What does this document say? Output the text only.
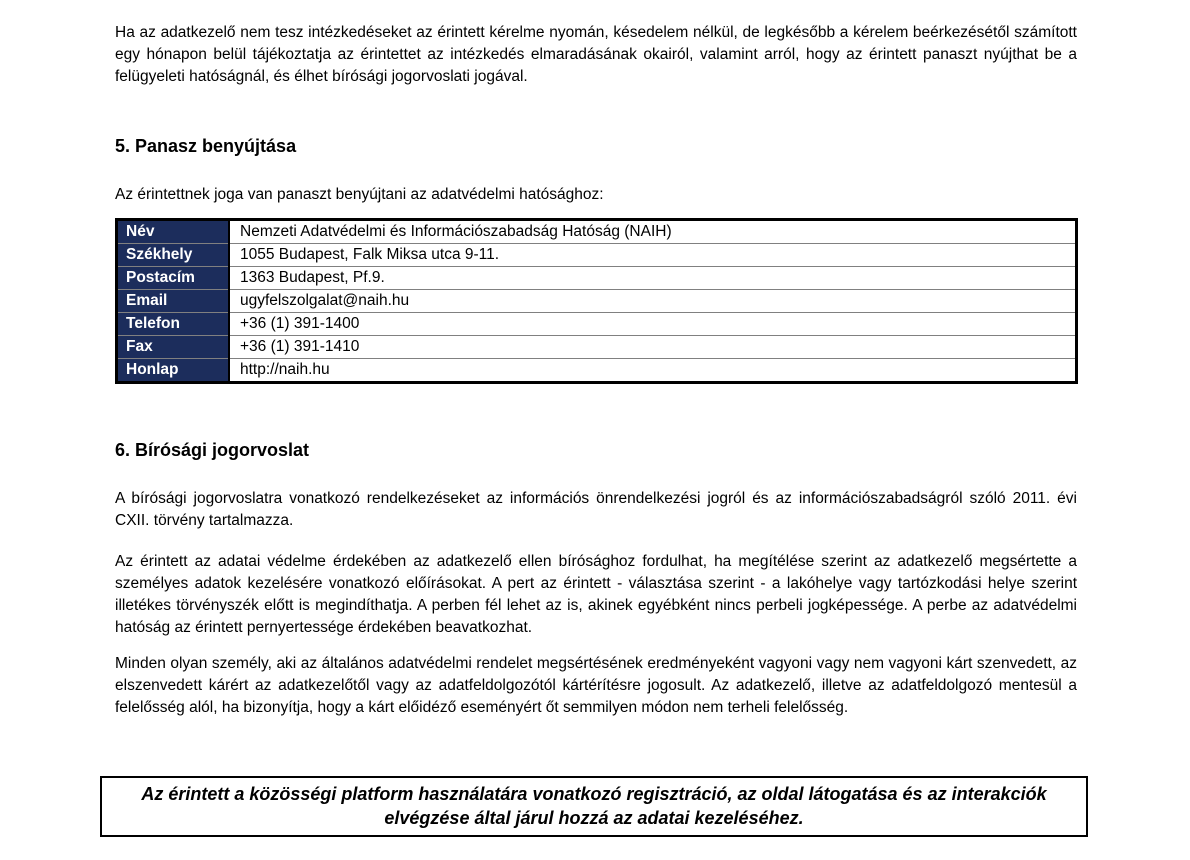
Ha az adatkezelő nem tesz intézkedéseket az érintett kérelme nyomán, késedelem nélkül, de legkésőbb a kérelem beérkezésétől számított egy hónapon belül tájékoztatja az érintettet az intézkedés elmaradásának okairól, valamint arról, hogy az érintett panaszt nyújthat be a felügyeleti hatóságnál, és élhet bírósági jogorvoslati jogával.

5. Panasz benyújtása

Az érintettnek joga van panaszt benyújtani az adatvédelmi hatósághoz:

Név	Nemzeti Adatvédelmi és Információszabadság Hatóság (NAIH)
Székhely	1055 Budapest, Falk Miksa utca 9-11.
Postacím	1363 Budapest, Pf.9.
Email	ugyfelszolgalat@naih.hu
Telefon	+36 (1) 391-1400
Fax	+36 (1) 391-1410
Honlap	http://naih.hu
6. Bírósági jogorvoslat

A bírósági jogorvoslatra vonatkozó rendelkezéseket az információs önrendelkezési jogról és az információszabadságról szóló 2011. évi CXII. törvény tartalmazza.

Az érintett az adatai védelme érdekében az adatkezelő ellen bírósághoz fordulhat, ha megítélése szerint az adatkezelő megsértette a személyes adatok kezelésére vonatkozó előírásokat. A pert az érintett - választása szerint - a lakóhelye vagy tartózkodási helye szerint illetékes törvényszék előtt is megindíthatja. A perben fél lehet az is, akinek egyébként nincs perbeli jogképessége. A perbe az adatvédelmi hatóság az érintett pernyertessége érdekében beavatkozhat.

Minden olyan személy, aki az általános adatvédelmi rendelet megsértésének eredményeként vagyoni vagy nem vagyoni kárt szenvedett, az elszenvedett kárért az adatkezelőtől vagy az adatfeldolgozótól kártérítésre jogosult. Az adatkezelő, illetve az adatfeldolgozó mentesül a felelősség alól, ha bizonyítja, hogy a kárt előidéző eseményért őt semmilyen módon nem terheli felelősség.

Az érintett a közösségi platform használatára vonatkozó regisztráció, az oldal látogatása és az interakciók elvégzése által járul hozzá az adatai kezeléséhez.
